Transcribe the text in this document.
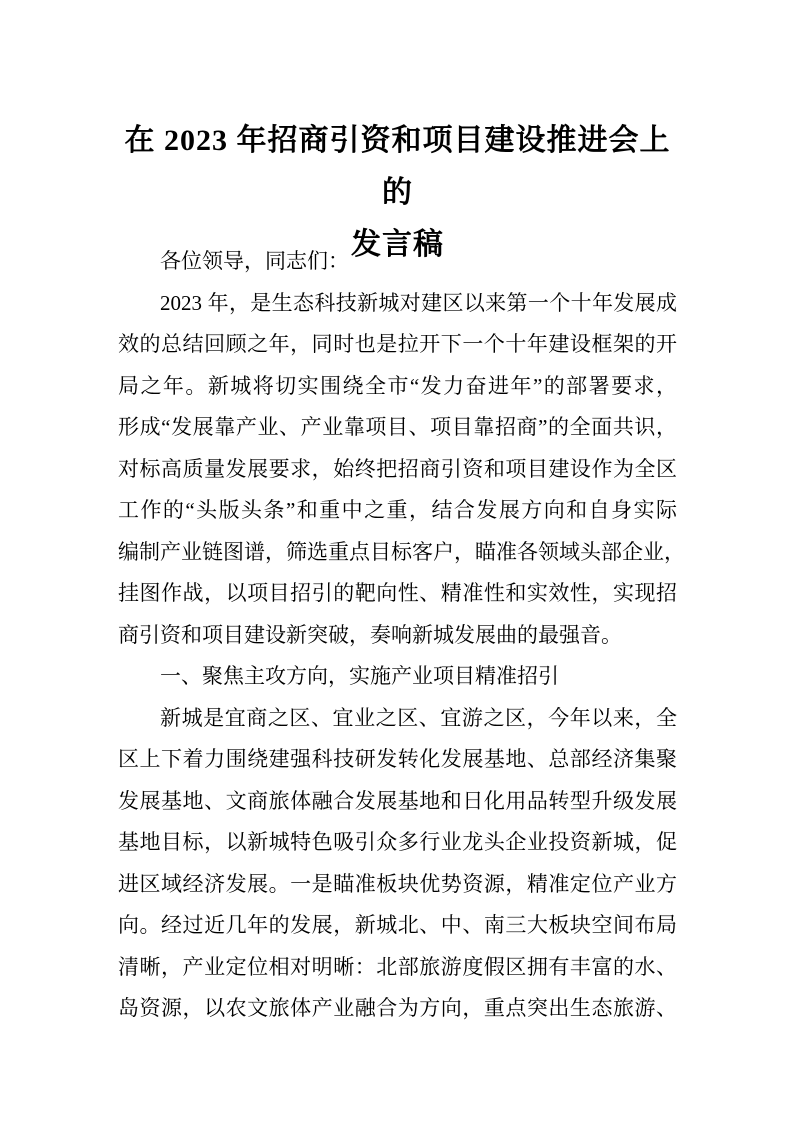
在 2023 年招商引资和项目建设推进会上的
发言稿
各位领导，同志们：
2023 年，是生态科技新城对建区以来第一个十年发展成
效的总结回顾之年，同时也是拉开下一个十年建设框架的开
局之年。新城将切实围绕全市“发力奋进年”的部署要求，
形成“发展靠产业、产业靠项目、项目靠招商”的全面共识，
对标高质量发展要求，始终把招商引资和项目建设作为全区
工作的“头版头条”和重中之重，结合发展方向和自身实际
编制产业链图谱，筛选重点目标客户，瞄准各领域头部企业，
挂图作战，以项目招引的靶向性、精准性和实效性，实现招
商引资和项目建设新突破，奏响新城发展曲的最强音。
一、聚焦主攻方向，实施产业项目精准招引
新城是宜商之区、宜业之区、宜游之区，今年以来，全
区上下着力围绕建强科技研发转化发展基地、总部经济集聚
发展基地、文商旅体融合发展基地和日化用品转型升级发展
基地目标，以新城特色吸引众多行业龙头企业投资新城，促
进区域经济发展。一是瞄准板块优势资源，精准定位产业方
向。经过近几年的发展，新城北、中、南三大板块空间布局
清晰，产业定位相对明晰：北部旅游度假区拥有丰富的水、
岛资源，以农文旅体产业融合为方向，重点突出生态旅游、
